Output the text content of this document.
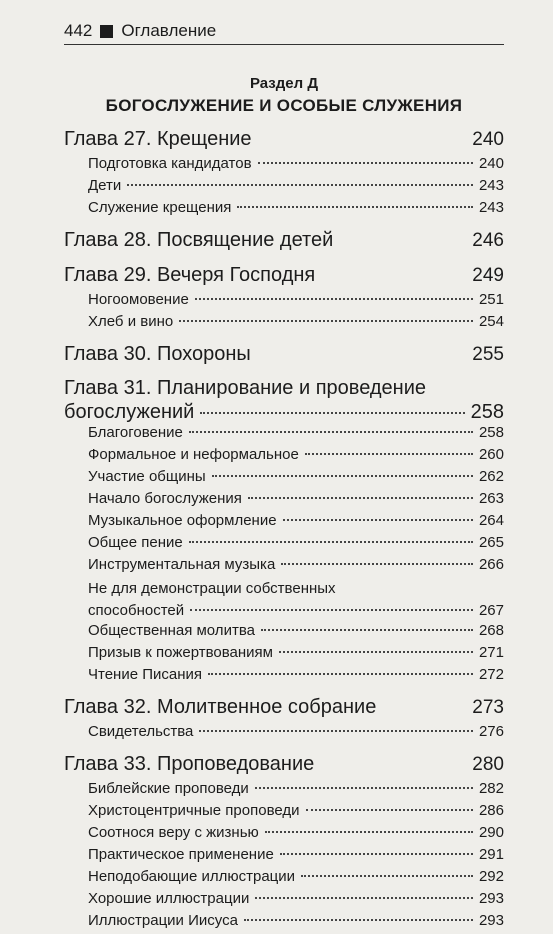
442 Оглавление
Раздел Д
БОГОСЛУЖЕНИЕ И ОСОБЫЕ СЛУЖЕНИЯ
Глава 27. Крещение	240
Подготовка кандидатов	240
Дети	243
Служение крещения	243
Глава 28. Посвящение детей	246
Глава 29. Вечеря Господня	249
Ногоомовение	251
Хлеб и вино	254
Глава 30. Похороны	255
Глава 31. Планирование и проведение
богослужений	258
Благоговение	258
Формальное и неформальное	260
Участие общины	262
Начало богослужения	263
Музыкальное оформление	264
Общее пение	265
Инструментальная музыка	266
Не для демонстрации собственных
способностей	267
Общественная молитва	268
Призыв к пожертвованиям	271
Чтение Писания	272
Глава 32. Молитвенное собрание	273
Свидетельства	276
Глава 33. Проповедование	280
Библейские проповеди	282
Христоцентричные проповеди	286
Соотнося веру с жизнью	290
Практическое применение	291
Неподобающие иллюстрации	292
Хорошие иллюстрации	293
Иллюстрации Иисуса	293
